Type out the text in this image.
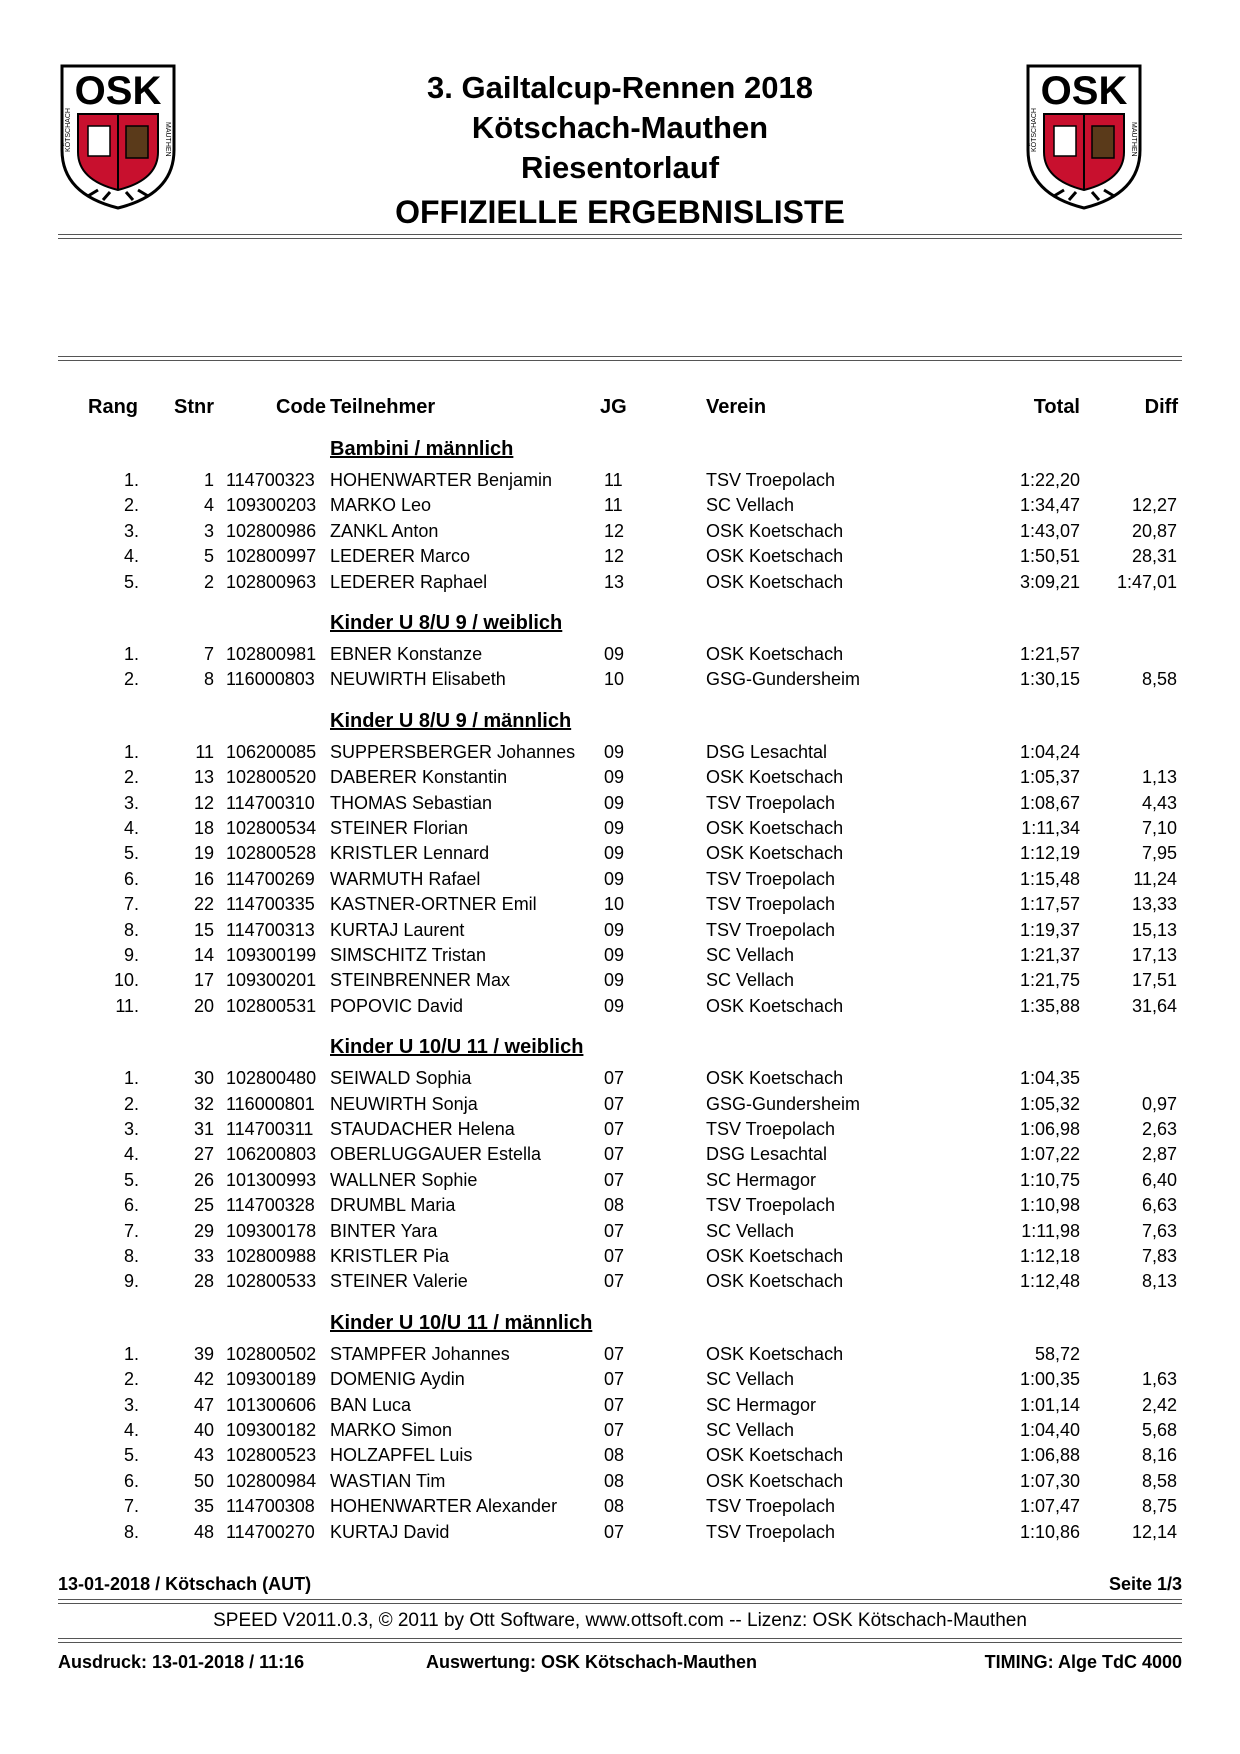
OSK
KÖTSCHACH	MAUTHEN
OSK
KÖTSCHACH	MAUTHEN
3. Gailtalcup-Rennen 2018
Kötschach-Mauthen
Riesentorlauf
OFFIZIELLE ERGEBNISLISTE
Rang Stnr	Code Teilnehmer	JG	Verein	Total	Diff
Bambini / männlich
1.	1 114700323 HOHENWARTER Benjamin	11	TSV Troepolach	1:22,20
2.	4 109300203 MARKO Leo	11	SC Vellach	1:34,47	12,27
3.	3 102800986 ZANKL Anton	12	OSK Koetschach	1:43,07	20,87
4.	5 102800997 LEDERER Marco	12	OSK Koetschach	1:50,51	28,31
5.	2 102800963 LEDERER Raphael	13	OSK Koetschach	3:09,21 1:47,01
Kinder U 8/U 9 / weiblich
1.	7 102800981 EBNER Konstanze	09	OSK Koetschach	1:21,57
2.	8 116000803 NEUWIRTH Elisabeth	10	GSG-Gundersheim	1:30,15	8,58
Kinder U 8/U 9 / männlich
1.	11 106200085 SUPPERSBERGER Johannes 09	DSG Lesachtal	1:04,24
2.	13 102800520 DABERER Konstantin	09	OSK Koetschach	1:05,37	1,13
3.	12 114700310 THOMAS Sebastian	09	TSV Troepolach	1:08,67	4,43
4.	18 102800534 STEINER Florian	09	OSK Koetschach	1:11,34	7,10
5.	19 102800528 KRISTLER Lennard	09	OSK Koetschach	1:12,19	7,95
6.	16 114700269 WARMUTH Rafael	09	TSV Troepolach	1:15,48	11,24
7.	22 114700335 KASTNER-ORTNER Emil	10	TSV Troepolach	1:17,57	13,33
8.	15 114700313 KURTAJ Laurent	09	TSV Troepolach	1:19,37	15,13
9.	14 109300199 SIMSCHITZ Tristan	09	SC Vellach	1:21,37	17,13
10.	17 109300201 STEINBRENNER Max	09	SC Vellach	1:21,75	17,51
11.	20 102800531 POPOVIC David	09	OSK Koetschach	1:35,88	31,64
Kinder U 10/U 11 / weiblich
1.	30 102800480 SEIWALD Sophia	07	OSK Koetschach	1:04,35
2.	32 116000801 NEUWIRTH Sonja	07	GSG-Gundersheim	1:05,32	0,97
3.	31 114700311 STAUDACHER Helena	07	TSV Troepolach	1:06,98	2,63
4.	27 106200803 OBERLUGGAUER Estella	07	DSG Lesachtal	1:07,22	2,87
5.	26 101300993 WALLNER Sophie	07	SC Hermagor	1:10,75	6,40
6.	25 114700328 DRUMBL Maria	08	TSV Troepolach	1:10,98	6,63
7.	29 109300178 BINTER Yara	07	SC Vellach	1:11,98	7,63
8.	33 102800988 KRISTLER Pia	07	OSK Koetschach	1:12,18	7,83
9.	28 102800533 STEINER Valerie	07	OSK Koetschach	1:12,48	8,13
Kinder U 10/U 11 / männlich
1.	39 102800502 STAMPFER Johannes	07	OSK Koetschach	58,72
2.	42 109300189 DOMENIG Aydin	07	SC Vellach	1:00,35	1,63
3.	47 101300606 BAN Luca	07	SC Hermagor	1:01,14	2,42
4.	40 109300182 MARKO Simon	07	SC Vellach	1:04,40	5,68
5.	43 102800523 HOLZAPFEL Luis	08	OSK Koetschach	1:06,88	8,16
6.	50 102800984 WASTIAN Tim	08	OSK Koetschach	1:07,30	8,58
7.	35 114700308 HOHENWARTER Alexander	08	TSV Troepolach	1:07,47	8,75
8.	48 114700270 KURTAJ David	07	TSV Troepolach	1:10,86	12,14
13-01-2018 / Kötschach (AUT)	Seite 1/3
SPEED V2011.0.3, © 2011 by Ott Software, www.ottsoft.com -- Lizenz: OSK Kötschach-Mauthen
Ausdruck: 13-01-2018 / 11:16	Auswertung: OSK Kötschach-Mauthen	TIMING: Alge TdC 4000
